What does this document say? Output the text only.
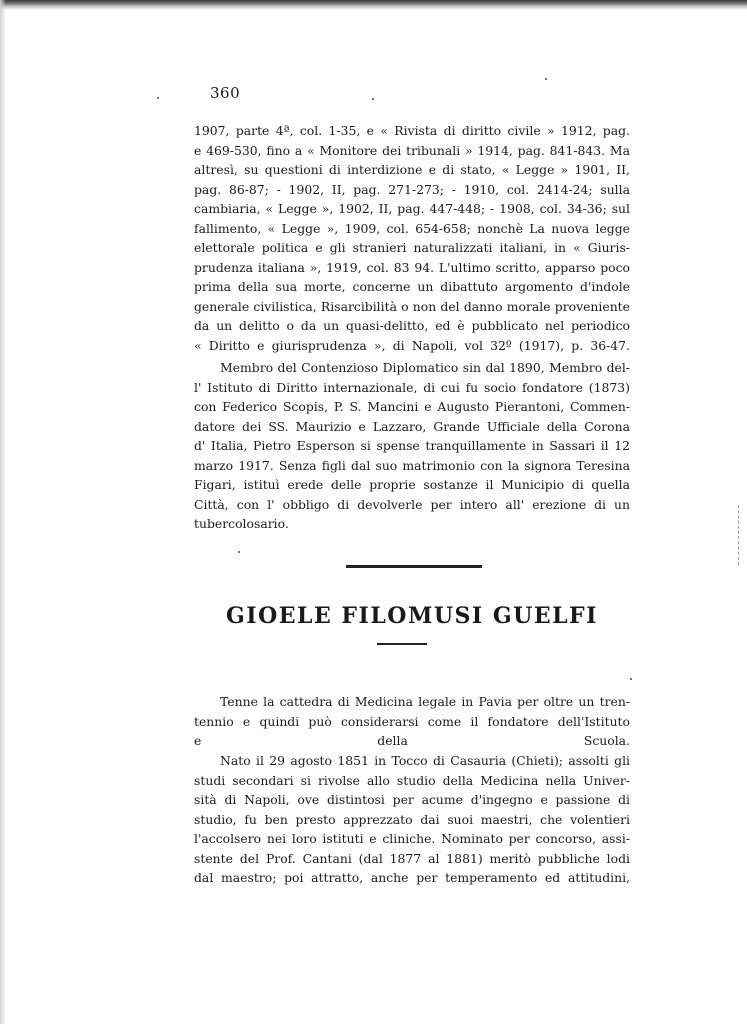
360
1907, parte 4ª, col. 1-35, e « Rivista di diritto civile » 1912, pag.
e 469-530, fino a « Monitore dei tribunali » 1914, pag. 841-843. Ma
altresì, su questioni di interdizione e di stato, « Legge » 1901, II,
pag. 86-87; - 1902, II, pag. 271-273; - 1910, col. 2414-24; sulla
cambiaria, « Legge », 1902, II, pag. 447-448; - 1908, col. 34-36; sul
fallimento, « Legge », 1909, col. 654-658; nonchè La nuova legge
elettorale politica e gli stranieri naturalizzati italiani, in « Giuris-
prudenza italiana », 1919, col. 83 94. L'ultimo scritto, apparso poco
prima della sua morte, concerne un dibattuto argomento d'indole
generale civilistica, Risarcibilità o non del danno morale proveniente
da un delitto o da un quasi-delitto, ed è pubblicato nel periodico
« Diritto e giurisprudenza », di Napoli, vol 32º (1917), p. 36-47.
Membro del Contenzioso Diplomatico sin dal 1890, Membro del-
l' Istituto di Diritto internazionale, di cui fu socio fondatore (1873)
con Federico Scopis, P. S. Mancini e Augusto Pierantoni, Commen-
datore dei SS. Maurizio e Lazzaro, Grande Ufficiale della Corona
d' Italia, Pietro Esperson si spense tranquillamente in Sassari il 12
marzo 1917. Senza figli dal suo matrimonio con la signora Teresina
Figari, istituì erede delle proprie sostanze il Municipio di quella
Città, con l' obbligo di devolverle per intero all' erezione di un
tubercolosario.
GIOELE FILOMUSI GUELFI
Tenne la cattedra di Medicina legale in Pavia per oltre un tren-
tennio e quindi può considerarsi come il fondatore dell'Istituto
e della Scuola.
Nato il 29 agosto 1851 in Tocco di Casauria (Chieti); assolti gli
studi secondari si rivolse allo studio della Medicina nella Univer-
sità di Napoli, ove distintosi per acume d'ingegno e passione di
studio, fu ben presto apprezzato dai suoi maestri, che volentieri
l'accolsero nei loro istituti e cliniche. Nominato per concorso, assi-
stente del Prof. Cantani (dal 1877 al 1881) meritò pubbliche lodi
dal maestro; poi attratto, anche per temperamento ed attitudini,
